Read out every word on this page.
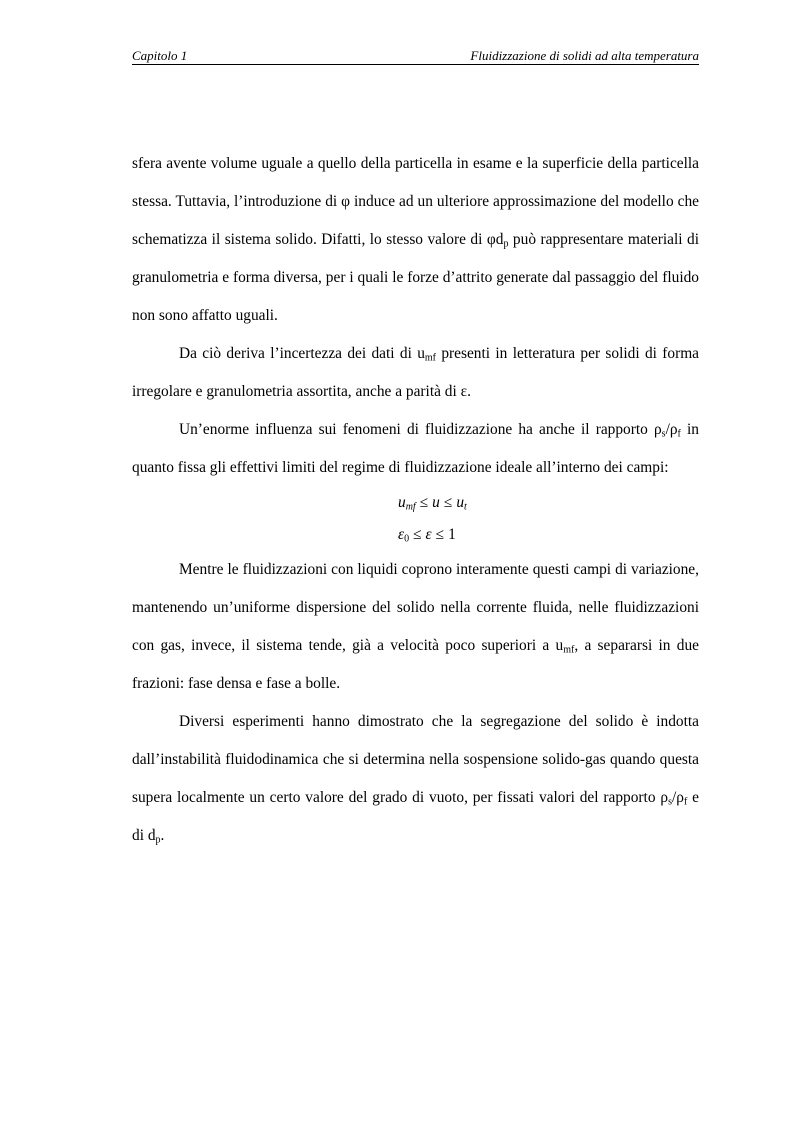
Capitolo 1	Fluidizzazione di solidi ad alta temperatura

sfera avente volume uguale a quello della particella in esame e la superficie della particella stessa. Tuttavia, l’introduzione di φ induce ad un ulteriore approssimazione del modello che schematizza il sistema solido. Difatti, lo stesso valore di $\varphi d_p$ può rappresentare materiali di granulometria e forma diversa, per i quali le forze d’attrito generate dal passaggio del fluido non sono affatto uguali.

Da ciò deriva l’incertezza dei dati di $u_{mf}$ presenti in letteratura per solidi di forma irregolare e granulometria assortita, anche a parità di ε.

Un’enorme influenza sui fenomeni di fluidizzazione ha anche il rapporto $\rho_s/\rho_f$ in quanto fissa gli effettivi limiti del regime di fluidizzazione ideale all’interno dei campi:

$u_{mf} \le u \le u_t$
$\varepsilon_0 \le \varepsilon \le 1$

Mentre le fluidizzazioni con liquidi coprono interamente questi campi di variazione, mantenendo un’uniforme dispersione del solido nella corrente fluida, nelle fluidizzazioni con gas, invece, il sistema tende, già a velocità poco superiori a $u_{mf}$, a separarsi in due frazioni: fase densa e fase a bolle.

Diversi esperimenti hanno dimostrato che la segregazione del solido è indotta dall’instabilità fluidodinamica che si determina nella sospensione solido-gas quando questa supera localmente un certo valore del grado di vuoto, per fissati valori del rapporto $\rho_s/\rho_f$ e di $d_p$.
